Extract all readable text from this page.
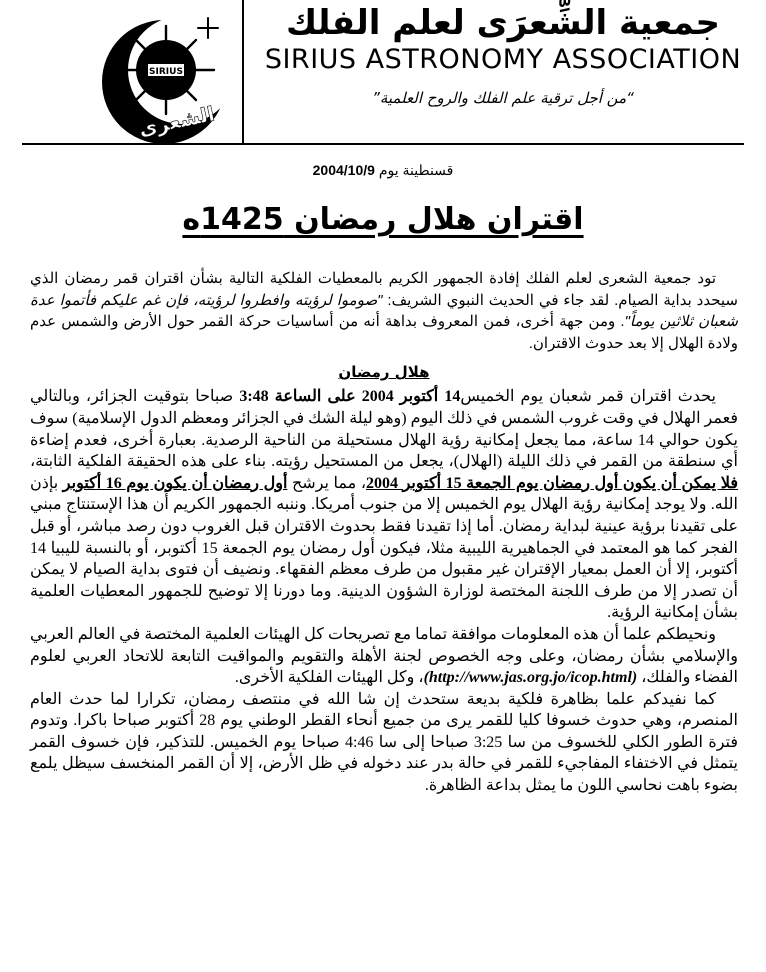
SIRIUS
الشعرى
جمعية الشِّعرَى لعلم الفلك
SIRIUS ASTRONOMY ASSOCIATION
“من أجل ترقية علم الفلك والروح العلمية”
قسنطينة يوم 2004/10/9
اقتران هلال رمضان 1425ه

تود جمعية الشعرى لعلم الفلك إفادة الجمهور الكريم بالمعطيات الفلكية التالية بشأن اقتران قمر رمضان الذي سيحدد بداية الصيام. لقد جاء في الحديث النبوي الشريف: "صوموا لرؤيته وافطروا لرؤيته، فإن غم عليكم فأتموا عدة شعبان ثلاثين يوماً". ومن جهة أخرى، فمن المعروف بداهة أنه من أساسيات حركة القمر حول الأرض والشمس عدم ولادة الهلال إلا بعد حدوث الاقتران.

هلال رمضان

يحدث اقتران قمر شعبان يوم الخميس14 أكتوبر 2004 على الساعة 3:48 صباحا بتوقيت الجزائر، وبالتالي فعمر الهلال في وقت غروب الشمس في ذلك اليوم (وهو ليلة الشك في الجزائر ومعظم الدول الإسلامية) سوف يكون حوالي 14 ساعة، مما يجعل إمكانية رؤية الهلال مستحيلة من الناحية الرصدية. بعبارة أخرى، فعدم إضاءة أي سنطقة من القمر في ذلك الليلة (الهلال)، يجعل من المستحيل رؤيته. بناء على هذه الحقيقة الفلكية الثابتة، فلا يمكن أن يكون أول رمضان يوم الجمعة 15 أكتوبر 2004، مما يرشح أول رمضان أن يكون يوم 16 أكتوبر بإذن الله. ولا يوجد إمكانية رؤية الهلال يوم الخميس إلا من جنوب أمريكا. وننبه الجمهور الكريم أن هذا الإستنتاج مبني على تقيدنا برؤية عينية لبداية رمضان. أما إذا تقيدنا فقط بحدوث الاقتران قبل الغروب دون رصد مباشر، أو قبل الفجر كما هو المعتمد في الجماهيرية الليبية مثلا، فيكون أول رمضان يوم الجمعة 15 أكتوبر، أو بالنسبة لليبيا 14 أكتوبر، إلا أن العمل بمعيار الإقتران غير مقبول من طرف معظم الفقهاء. ونضيف أن فتوى بداية الصيام لا يمكن أن تصدر إلا من طرف اللجنة المختصة لوزارة الشؤون الدينية. وما دورنا إلا توضيح للجمهور المعطيات العلمية بشأن إمكانية الرؤية.

ونحيطكم علما أن هذه المعلومات موافقة تماما مع تصريحات كل الهيئات العلمية المختصة في العالم العربي والإسلامي بشأن رمضان، وعلى وجه الخصوص لجنة الأهلة والتقويم والمواقيت التابعة للاتحاد العربي لعلوم الفضاء والفلك، (http://www.jas.org.jo/icop.html)، وكل الهيئات الفلكية الأخرى.

كما نفيدكم علما بظاهرة فلكية بديعة ستحدث إن شا الله في منتصف رمضان، تكرارا لما حدث العام المنصرم، وهي حدوث خسوفا كليا للقمر يرى من جميع أنحاء القطر الوطني يوم 28 أكتوبر صباحا باكرا. وتدوم فترة الطور الكلي للخسوف من سا 3:25 صباحا إلى سا 4:46 صباحا يوم الخميس. للتذكير، فإن خسوف القمر يتمثل في الاختفاء المفاجيء للقمر في حالة بدر عند دخوله في ظل الأرض، إلا أن القمر المنخسف سيظل يلمع بضوء باهت نحاسي اللون ما يمثل بداعة الظاهرة.
